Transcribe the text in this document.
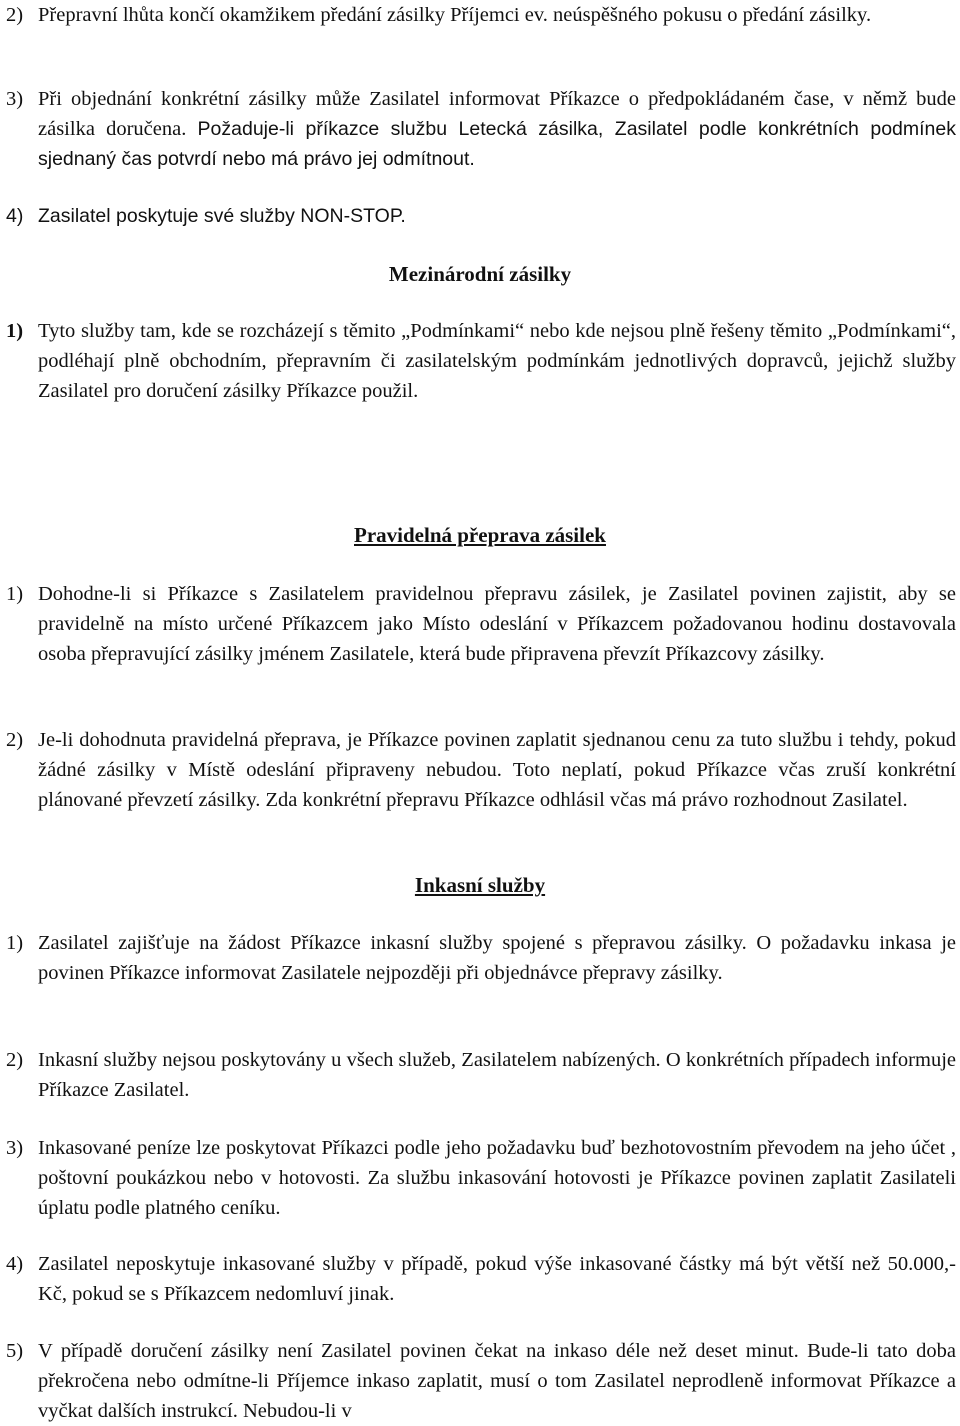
2) Přepravní lhůta končí okamžikem předání zásilky Příjemci ev. neúspěšného pokusu o předání zásilky.
3) Při objednání konkrétní zásilky může Zasilatel informovat Příkazce o předpokládaném čase, v němž bude zásilka doručena. Požaduje-li příkazce službu Letecká zásilka, Zasilatel podle konkrétních podmínek sjednaný čas potvrdí nebo má právo jej odmítnout.
4) Zasilatel poskytuje své služby NON-STOP.
Mezinárodní zásilky
1) Tyto služby tam, kde se rozcházejí s těmito „Podmínkami“ nebo kde nejsou plně řešeny těmito „Podmínkami“, podléhají plně obchodním, přepravním či zasilatelským podmínkám jednotlivých dopravců, jejichž služby Zasilatel pro doručení zásilky Příkazce použil.
Pravidelná přeprava zásilek
1) Dohodne-li si Příkazce s Zasilatelem pravidelnou přepravu zásilek, je Zasilatel povinen zajistit, aby se pravidelně na místo určené Příkazcem jako Místo odeslání v Příkazcem požadovanou hodinu dostavovala osoba přepravující zásilky jménem Zasilatele, která bude připravena převzít Příkazcovy zásilky.
2) Je-li dohodnuta pravidelná přeprava, je Příkazce povinen zaplatit sjednanou cenu za tuto službu i tehdy, pokud žádné zásilky v Místě odeslání připraveny nebudou. Toto neplatí, pokud Příkazce včas zruší konkrétní plánované převzetí zásilky. Zda konkrétní přepravu Příkazce odhlásil včas má právo rozhodnout Zasilatel.
Inkasní služby
1) Zasilatel zajišťuje na žádost Příkazce inkasní služby spojené s přepravou zásilky. O požadavku inkasa je povinen Příkazce informovat Zasilatele nejpozději při objednávce přepravy zásilky.
2) Inkasní služby nejsou poskytovány u všech služeb, Zasilatelem nabízených. O konkrétních případech informuje Příkazce Zasilatel.
3) Inkasované peníze lze poskytovat Příkazci podle jeho požadavku buď bezhotovostním převodem na jeho účet , poštovní poukázkou nebo v hotovosti. Za službu inkasování hotovosti je Příkazce povinen zaplatit Zasilateli úplatu podle platného ceníku.
4) Zasilatel neposkytuje inkasované služby v případě, pokud výše inkasované částky má být větší než 50.000,- Kč, pokud se s Příkazcem nedomluví jinak.
5) V případě doručení zásilky není Zasilatel povinen čekat na inkaso déle než deset minut. Bude-li tato doba překročena nebo odmítne-li Příjemce inkaso zaplatit, musí o tom Zasilatel neprodleně informovat Příkazce a vyčkat dalších instrukcí. Nebudou-li v
